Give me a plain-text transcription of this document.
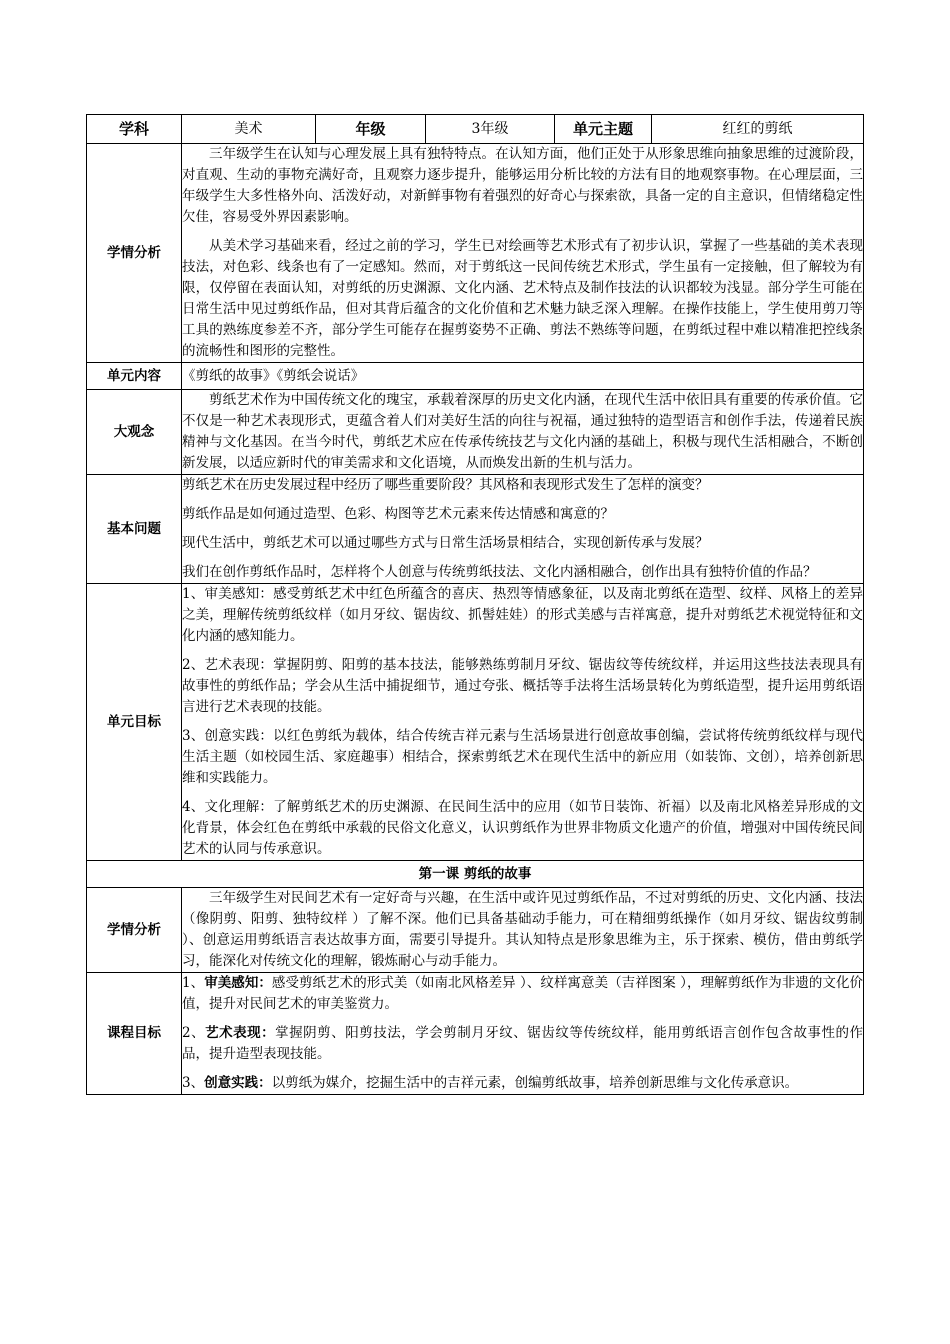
学科	美术	年级	3年级	单元主题	红红的剪纸
学情分析	三年级学生在认知与心理发展上具有独特特点。在认知方面，他们正处于从形象思维向抽象思维的过渡阶段，对直观、生动的事物充满好奇，且观察力逐步提升，能够运用分析比较的方法有目的地观察事物。在心理层面，三年级学生大多性格外向、活泼好动，对新鲜事物有着强烈的好奇心与探索欲，具备一定的自主意识，但情绪稳定性欠佳，容易受外界因素影响。

从美术学习基础来看，经过之前的学习，学生已对绘画等艺术形式有了初步认识，掌握了一些基础的美术表现技法，对色彩、线条也有了一定感知。然而，对于剪纸这一民间传统艺术形式，学生虽有一定接触，但了解较为有限，仅停留在表面认知，对剪纸的历史渊源、文化内涵、艺术特点及制作技法的认识都较为浅显。部分学生可能在日常生活中见过剪纸作品，但对其背后蕴含的文化价值和艺术魅力缺乏深入理解。在操作技能上，学生使用剪刀等工具的熟练度参差不齐，部分学生可能存在握剪姿势不正确、剪法不熟练等问题，在剪纸过程中难以精准把控线条的流畅性和图形的完整性。				

单元内容	《剪纸的故事》《剪纸会说话》				
大观念	剪纸艺术作为中国传统文化的瑰宝，承载着深厚的历史文化内涵，在现代生活中依旧具有重要的传承价值。它不仅是一种艺术表现形式，更蕴含着人们对美好生活的向往与祝福，通过独特的造型语言和创作手法，传递着民族精神与文化基因。在当今时代，剪纸艺术应在传承传统技艺与文化内涵的基础上，积极与现代生活相融合，不断创新发展，以适应新时代的审美需求和文化语境，从而焕发出新的生机与活力。				

基本问题	剪纸艺术在历史发展过程中经历了哪些重要阶段？其风格和表现形式发生了怎样的演变？

剪纸作品是如何通过造型、色彩、构图等艺术元素来传达情感和寓意的？

现代生活中，剪纸艺术可以通过哪些方式与日常生活场景相结合，实现创新传承与发展？

我们在创作剪纸作品时，怎样将个人创意与传统剪纸技法、文化内涵相融合，创作出具有独特价值的作品？				

单元目标	1、审美感知：感受剪纸艺术中红色所蕴含的喜庆、热烈等情感象征，以及南北剪纸在造型、纹样、风格上的差异之美，理解传统剪纸纹样（如月牙纹、锯齿纹、抓髻娃娃）的形式美感与吉祥寓意，提升对剪纸艺术视觉特征和文化内涵的感知能力。

2、艺术表现：掌握阴剪、阳剪的基本技法，能够熟练剪制月牙纹、锯齿纹等传统纹样，并运用这些技法表现具有故事性的剪纸作品；学会从生活中捕捉细节，通过夸张、概括等手法将生活场景转化为剪纸造型，提升运用剪纸语言进行艺术表现的技能。

3、创意实践：以红色剪纸为载体，结合传统吉祥元素与生活场景进行创意故事创编，尝试将传统剪纸纹样与现代生活主题（如校园生活、家庭趣事）相结合，探索剪纸艺术在现代生活中的新应用（如装饰、文创），培养创新思维和实践能力。

4、文化理解：了解剪纸艺术的历史渊源、在民间生活中的应用（如节日装饰、祈福）以及南北风格差异形成的文化背景，体会红色在剪纸中承载的民俗文化意义，认识剪纸作为世界非物质文化遗产的价值，增强对中国传统民间艺术的认同与传承意识。				

第一课 剪纸的故事					
学情分析	三年级学生对民间艺术有一定好奇与兴趣，在生活中或许见过剪纸作品，不过对剪纸的历史、文化内涵、技法（像阴剪、阳剪、独特纹样 ）了解不深。他们已具备基础动手能力，可在精细剪纸操作（如月牙纹、锯齿纹剪制 ）、创意运用剪纸语言表达故事方面，需要引导提升。其认知特点是形象思维为主，乐于探索、模仿，借由剪纸学习，能深化对传统文化的理解，锻炼耐心与动手能力。				

课程目标	1、审美感知：感受剪纸艺术的形式美（如南北风格差异 ）、纹样寓意美（吉祥图案 ），理解剪纸作为非遗的文化价值，提升对民间艺术的审美鉴赏力。

2、艺术表现：掌握阴剪、阳剪技法，学会剪制月牙纹、锯齿纹等传统纹样，能用剪纸语言创作包含故事性的作品，提升造型表现技能。

3、创意实践：以剪纸为媒介，挖掘生活中的吉祥元素，创编剪纸故事，培养创新思维与文化传承意识。				
